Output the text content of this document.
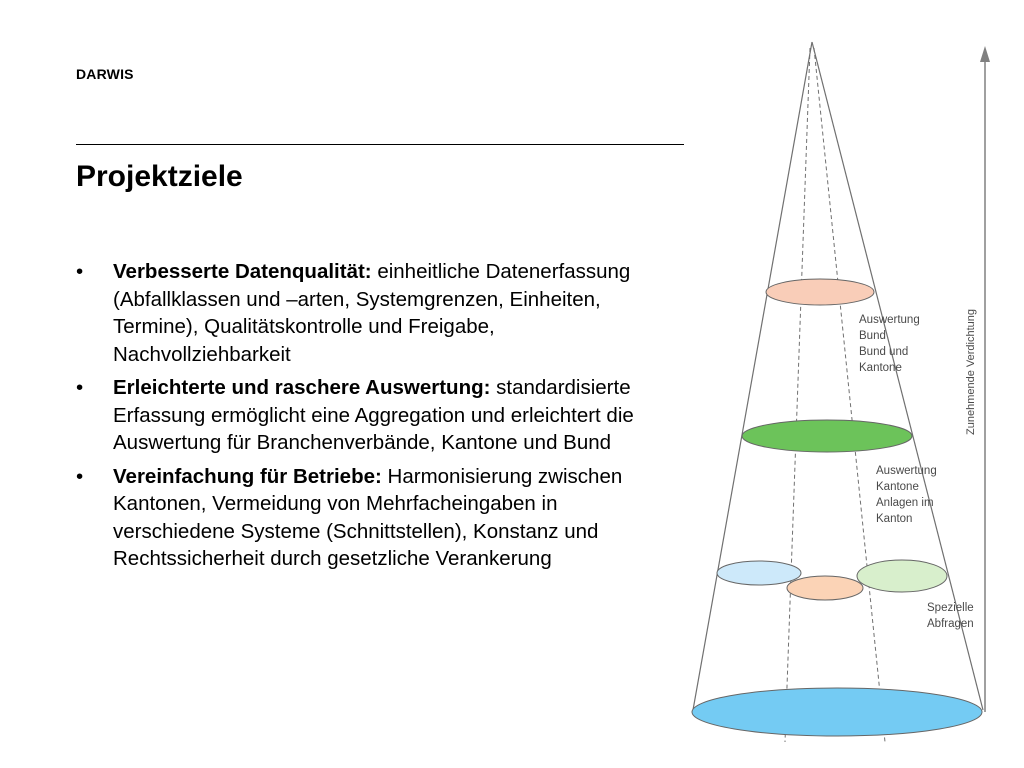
DARWIS
Projektziele
• Verbesserte Datenqualität: einheitliche Datenerfassung (Abfallklassen und –arten, Systemgrenzen, Einheiten, Termine), Qualitätskontrolle und Freigabe, Nachvollziehbarkeit
• Erleichterte und raschere Auswertung: standardisierte Erfassung ermöglicht eine Aggregation und erleichtert die Auswertung für Branchenverbände, Kantone und Bund
• Vereinfachung für Betriebe: Harmonisierung zwischen Kantonen, Vermeidung von Mehrfacheingaben in verschiedene Systeme (Schnittstellen), Konstanz und Rechtssicherheit durch gesetzliche Verankerung
Zunehmende Verdichtung
Auswertung Bund Bund und Kantone
Auswertung Kantone Anlagen im Kanton
Spezielle Abfragen
